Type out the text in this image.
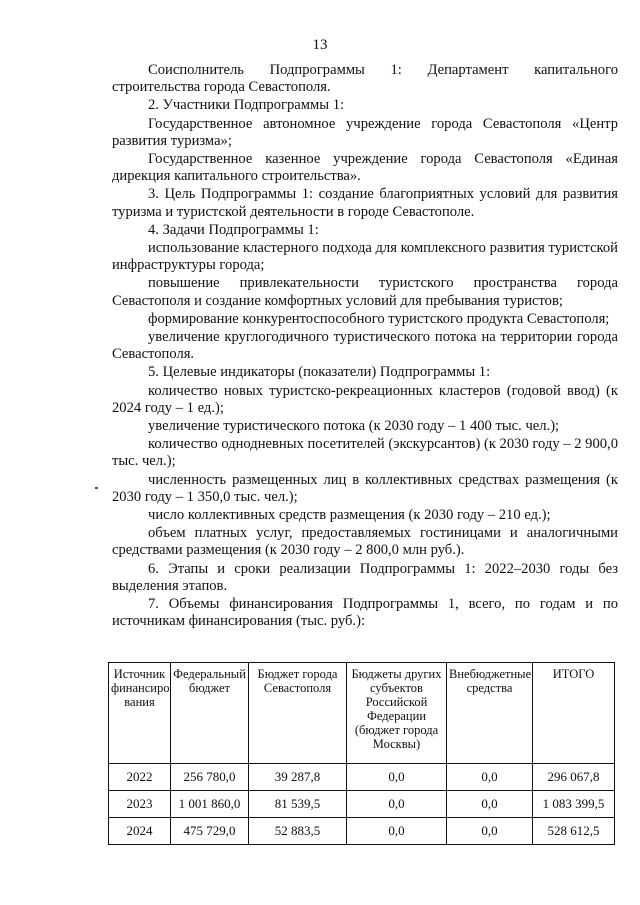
13

Соисполнитель Подпрограммы 1: Департамент капитального строительства города Севастополя.

2. Участники Подпрограммы 1:

Государственное автономное учреждение города Севастополя «Центр развития туризма»;

Государственное казенное учреждение города Севастополя «Единая дирекция капитального строительства».

3. Цель Подпрограммы 1: создание благоприятных условий для развития туризма и туристской деятельности в городе Севастополе.

4. Задачи Подпрограммы 1:

использование кластерного подхода для комплексного развития туристской инфраструктуры города;

повышение привлекательности туристского пространства города Севастополя и создание комфортных условий для пребывания туристов;

формирование конкурентоспособного туристского продукта Севастополя;

увеличение круглогодичного туристического потока на территории города Севастополя.

5. Целевые индикаторы (показатели) Подпрограммы 1:

количество новых туристско-рекреационных кластеров (годовой ввод) (к 2024 году – 1 ед.);

увеличение туристического потока (к 2030 году – 1 400 тыс. чел.);

количество однодневных посетителей (экскурсантов) (к 2030 году – 2 900,0 тыс. чел.);

численность размещенных лиц в коллективных средствах размещения (к 2030 году – 1 350,0 тыс. чел.);

число коллективных средств размещения (к 2030 году – 210 ед.);

объем платных услуг, предоставляемых гостиницами и аналогичными средствами размещения (к 2030 году – 2 800,0 млн руб.).

6. Этапы и сроки реализации Подпрограммы 1: 2022–2030 годы без выделения этапов.

7. Объемы финансирования Подпрограммы 1, всего, по годам и по источникам финансирования (тыс. руб.):

Источник финансиро вания	Федеральный бюджет	Бюджет города Севастополя	Бюджеты других субъектов Российской Федерации (бюджет города Москвы)	Внебюджетные средства	ИТОГО
2022	256 780,0	39 287,8	0,0	0,0	296 067,8
2023	1 001 860,0	81 539,5	0,0	0,0	1 083 399,5
2024	475 729,0	52 883,5	0,0	0,0	528 612,5
